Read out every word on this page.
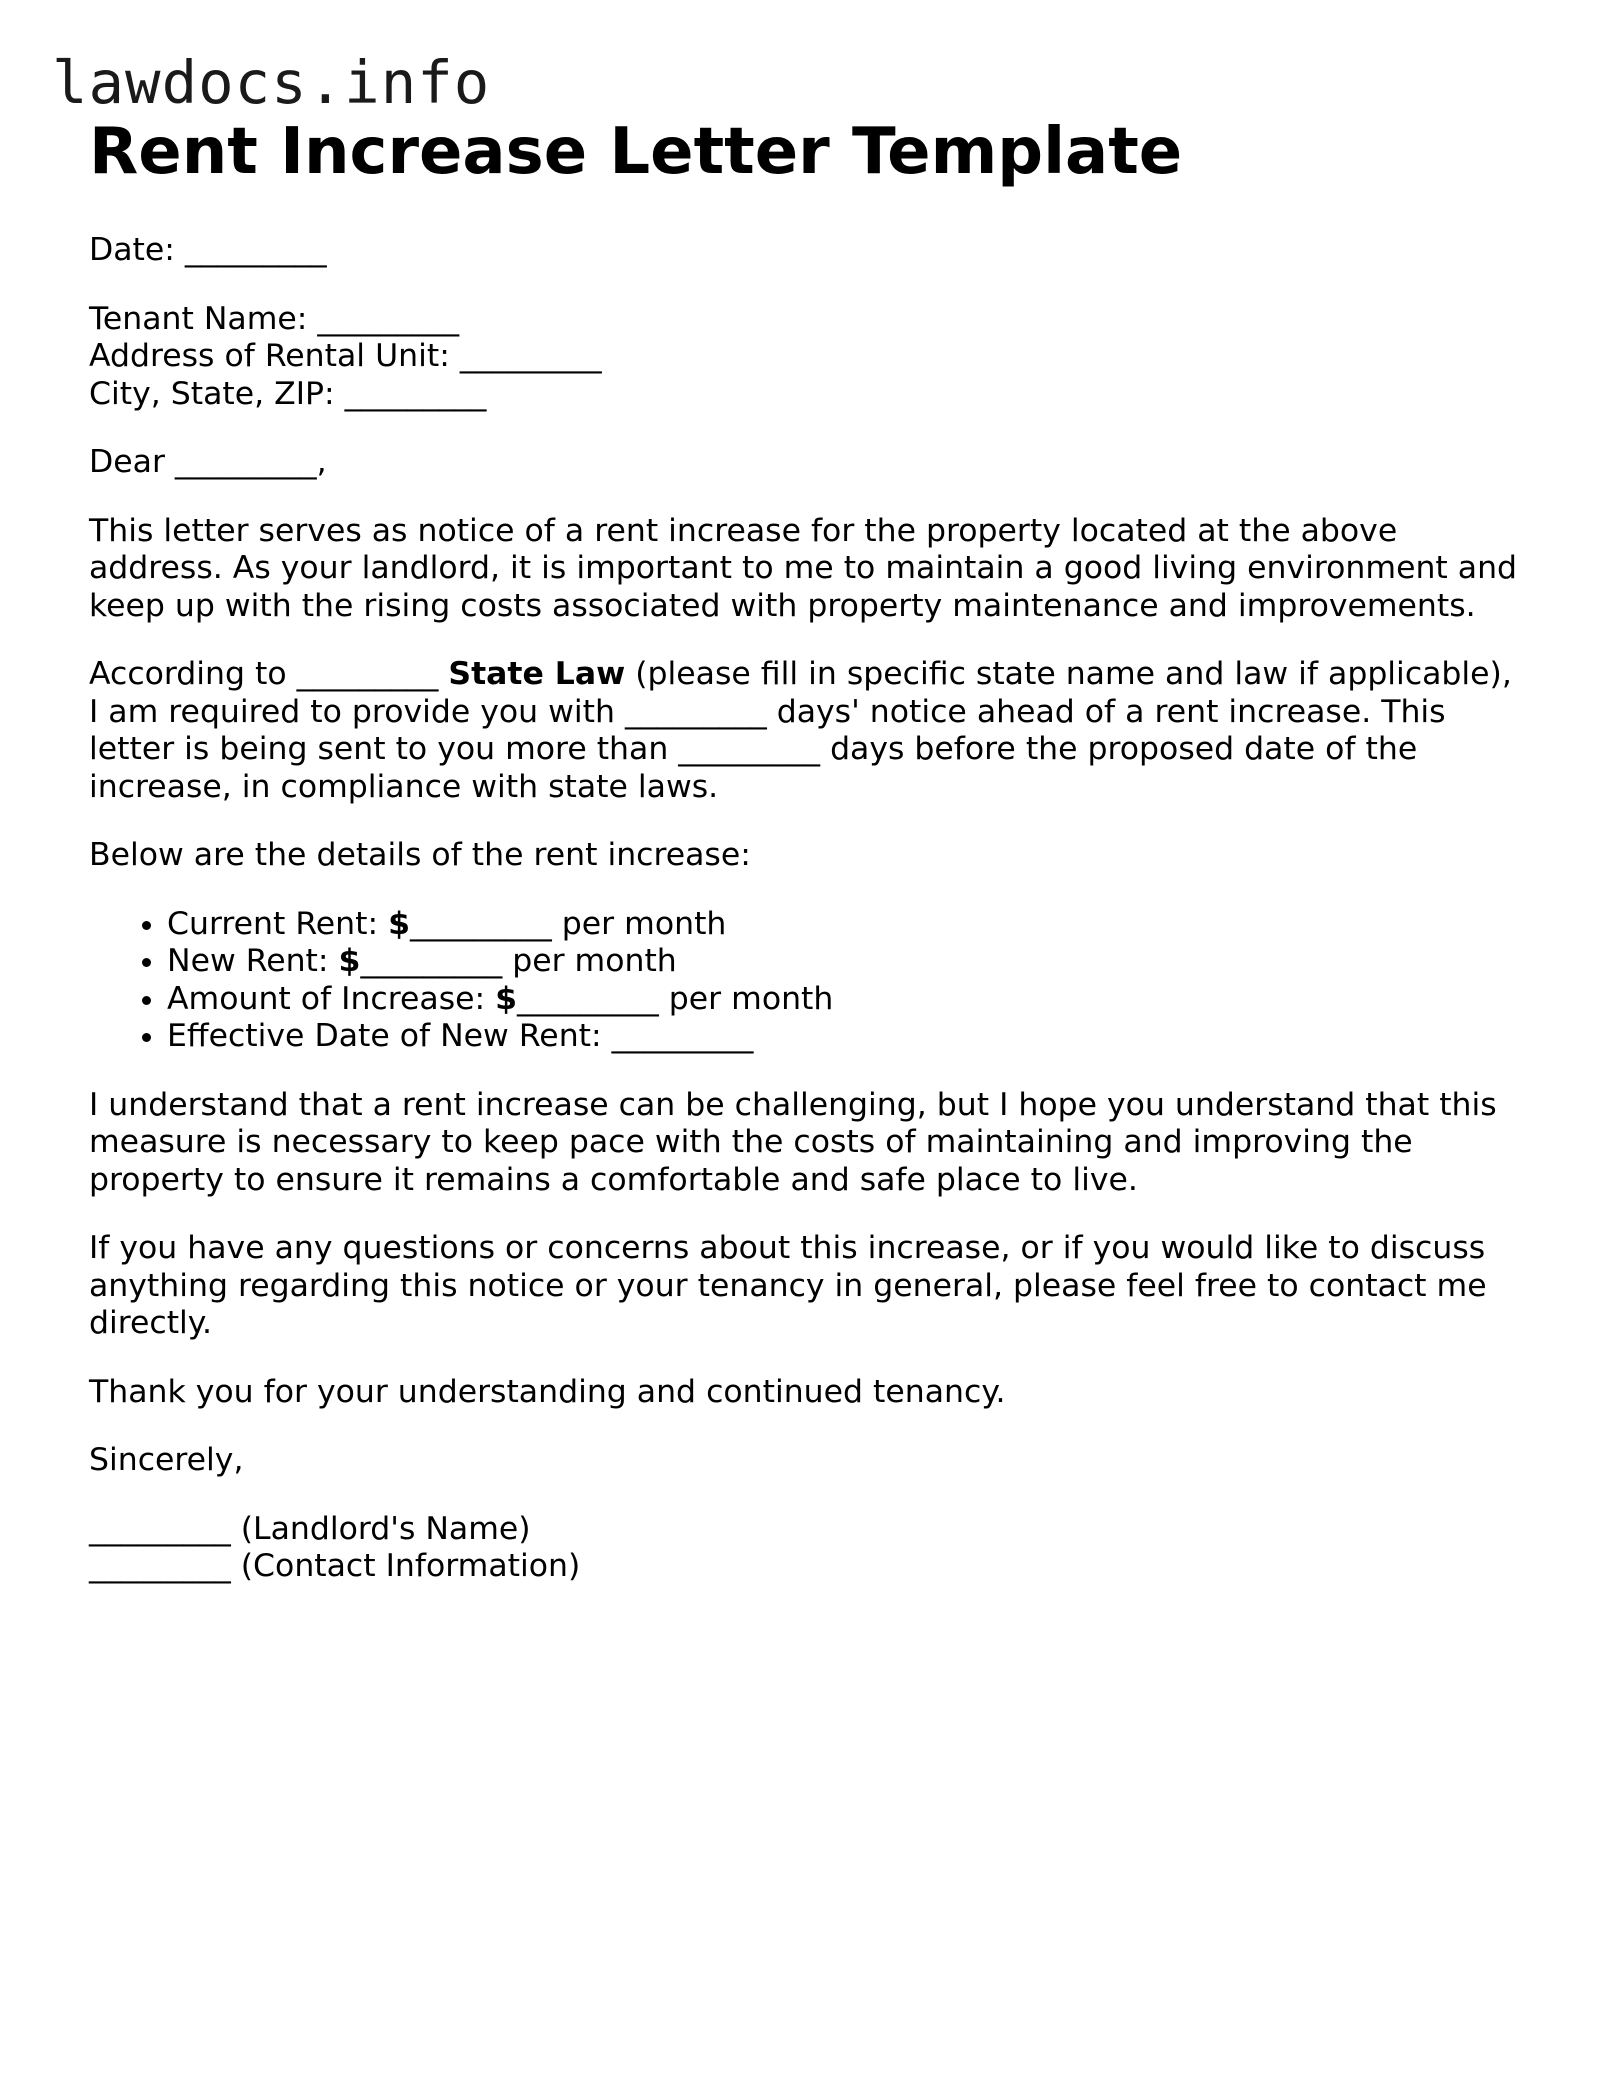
lawdocs.info
Rent Increase Letter Template

Date: _________

Tenant Name: _________
Address of Rental Unit: _________
City, State, ZIP: _________

Dear _________,

This letter serves as notice of a rent increase for the property located at the above address. As your landlord, it is important to me to maintain a good living environment and keep up with the rising costs associated with property maintenance and improvements.

According to _________ State Law (please fill in specific state name and law if applicable), I am required to provide you with _________ days' notice ahead of a rent increase. This letter is being sent to you more than _________ days before the proposed date of the increase, in compliance with state laws.

Below are the details of the rent increase:

• Current Rent: $_________ per month
• New Rent: $_________ per month
• Amount of Increase: $_________ per month
• Effective Date of New Rent: _________

I understand that a rent increase can be challenging, but I hope you understand that this measure is necessary to keep pace with the costs of maintaining and improving the property to ensure it remains a comfortable and safe place to live.

If you have any questions or concerns about this increase, or if you would like to discuss anything regarding this notice or your tenancy in general, please feel free to contact me directly.

Thank you for your understanding and continued tenancy.

Sincerely,

_________ (Landlord's Name)
_________ (Contact Information)
